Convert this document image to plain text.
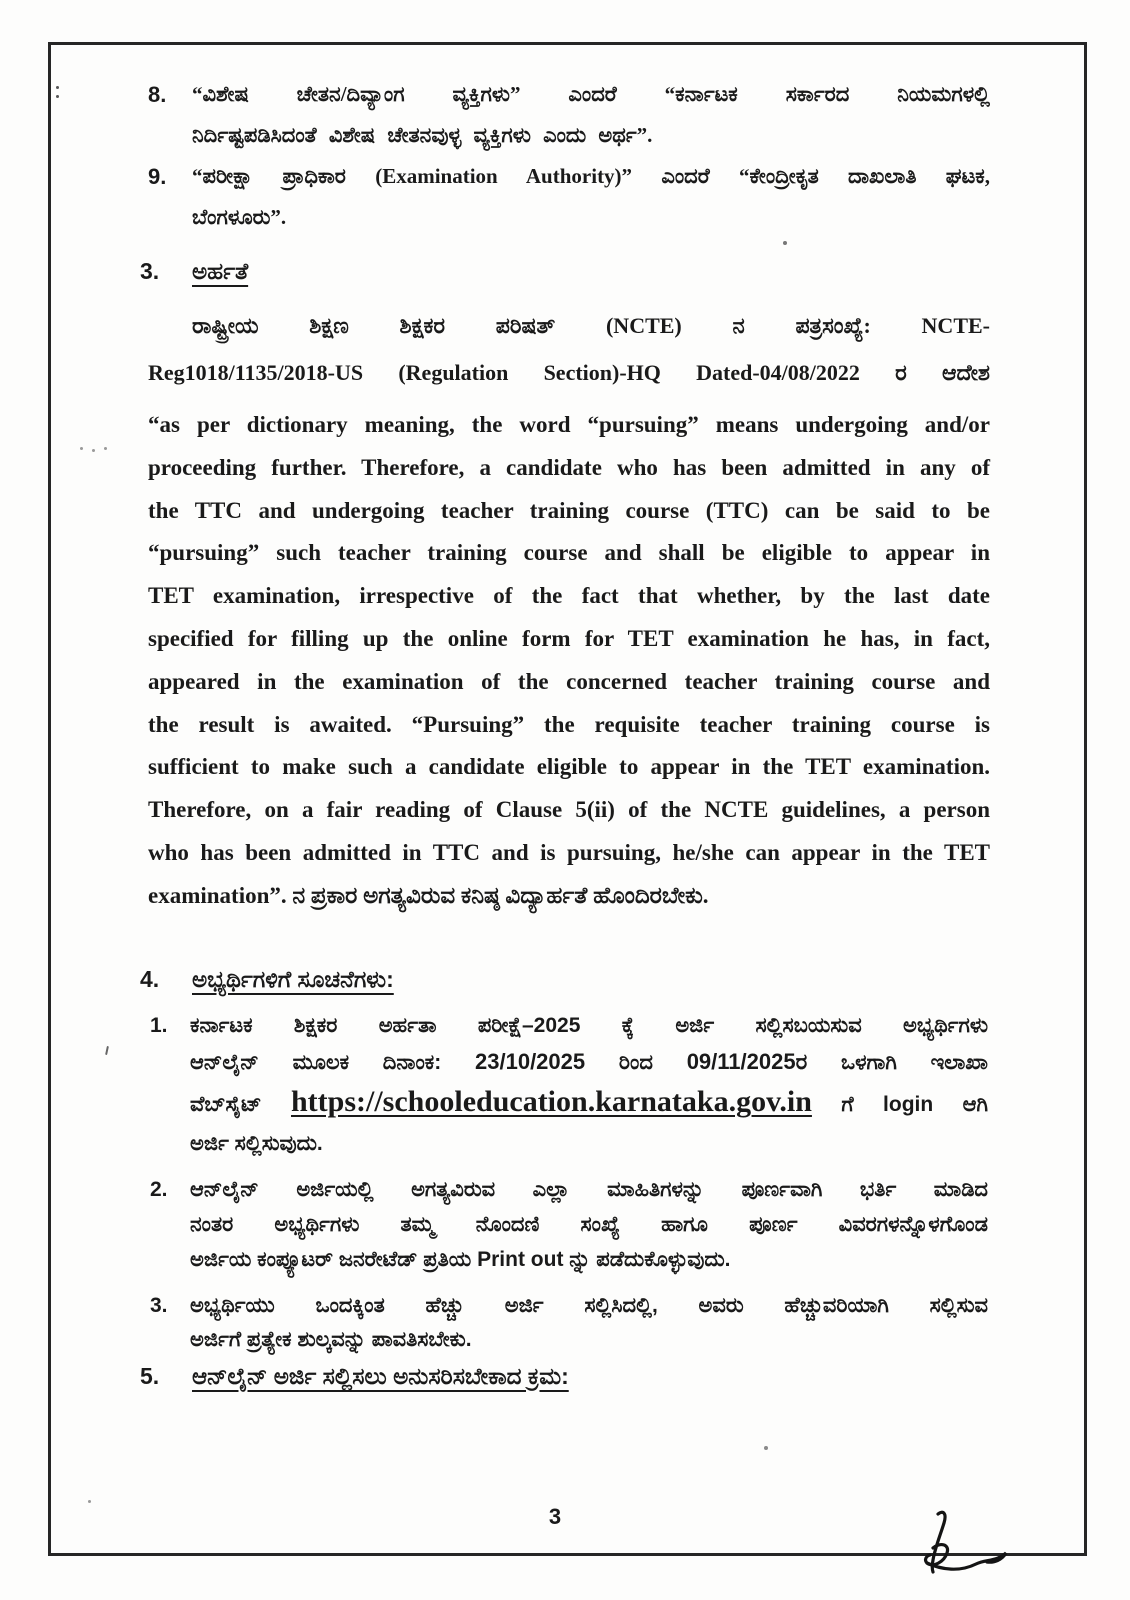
8.	“ವಿಶೇಷ ಚೇತನ/ದಿವ್ಯಾಂಗ ವ್ಯಕ್ತಿಗಳು” ಎಂದರೆ “ಕರ್ನಾಟಕ ಸರ್ಕಾರದ ನಿಯಮಗಳಲ್ಲಿ
ನಿರ್ದಿಷ್ಟಪಡಿಸಿದಂತೆ ವಿಶೇಷ ಚೇತನವುಳ್ಳ ವ್ಯಕ್ತಿಗಳು ಎಂದು ಅರ್ಥ”.
9.	“ಪರೀಕ್ಷಾ ಪ್ರಾಧಿಕಾರ (Examination Authority)” ಎಂದರೆ “ಕೇಂದ್ರೀಕೃತ ದಾಖಲಾತಿ ಘಟಕ,
ಬೆಂಗಳೂರು”.
3.	ಅರ್ಹತೆ
ರಾಷ್ಟ್ರೀಯ ಶಿಕ್ಷಣ ಶಿಕ್ಷಕರ ಪರಿಷತ್ (NCTE) ನ ಪತ್ರಸಂಖ್ಯೆ: NCTE-
Reg1018/1135/2018-US (Regulation Section)-HQ Dated-04/08/2022 ರ ಆದೇಶ
“as per dictionary meaning, the word “pursuing” means undergoing and/or
proceeding further. Therefore, a candidate who has been admitted in any of
the TTC and undergoing teacher training course (TTC) can be said to be
“pursuing” such teacher training course and shall be eligible to appear in
TET examination, irrespective of the fact that whether, by the last date
specified for filling up the online form for TET examination he has, in fact,
appeared in the examination of the concerned teacher training course and
the result is awaited. “Pursuing” the requisite teacher training course is
sufficient to make such a candidate eligible to appear in the TET examination.
Therefore, on a fair reading of Clause 5(ii) of the NCTE guidelines, a person
who has been admitted in TTC and is pursuing, he/she can appear in the TET
examination”. ನ ಪ್ರಕಾರ ಅಗತ್ಯವಿರುವ ಕನಿಷ್ಠ ವಿದ್ಯಾರ್ಹತೆ ಹೊಂದಿರಬೇಕು.
4.	ಅಭ್ಯರ್ಥಿಗಳಿಗೆ ಸೂಚನೆಗಳು:
1.	ಕರ್ನಾಟಕ ಶಿಕ್ಷಕರ ಅರ್ಹತಾ ಪರೀಕ್ಷೆ–2025 ಕ್ಕೆ ಅರ್ಜಿ ಸಲ್ಲಿಸಬಯಸುವ ಅಭ್ಯರ್ಥಿಗಳು
ಆನ್‌ಲೈನ್ ಮೂಲಕ ದಿನಾಂಕ: 23/10/2025 ರಿಂದ 09/11/2025ರ ಒಳಗಾಗಿ ಇಲಾಖಾ
ವೆಬ್‌ಸೈಟ್ https://schooleducation.karnataka.gov.in ಗೆ login ಆಗಿ
ಅರ್ಜಿ ಸಲ್ಲಿಸುವುದು.
2.	ಆನ್‌ಲೈನ್ ಅರ್ಜಿಯಲ್ಲಿ ಅಗತ್ಯವಿರುವ ಎಲ್ಲಾ ಮಾಹಿತಿಗಳನ್ನು ಪೂರ್ಣವಾಗಿ ಭರ್ತಿ ಮಾಡಿದ
ನಂತರ ಅಭ್ಯರ್ಥಿಗಳು ತಮ್ಮ ನೊಂದಣಿ ಸಂಖ್ಯೆ ಹಾಗೂ ಪೂರ್ಣ ವಿವರಗಳನ್ನೊಳಗೊಂಡ
ಅರ್ಜಿಯ ಕಂಪ್ಯೂಟರ್ ಜನರೇಟೆಡ್ ಪ್ರತಿಯ Print out ನ್ನು ಪಡೆದುಕೊಳ್ಳುವುದು.
3.	ಅಭ್ಯರ್ಥಿಯು ಒಂದಕ್ಕಿಂತ ಹೆಚ್ಚು ಅರ್ಜಿ ಸಲ್ಲಿಸಿದಲ್ಲಿ, ಅವರು ಹೆಚ್ಚುವರಿಯಾಗಿ ಸಲ್ಲಿಸುವ
ಅರ್ಜಿಗೆ ಪ್ರತ್ಯೇಕ ಶುಲ್ಕವನ್ನು ಪಾವತಿಸಬೇಕು.
5.	ಆನ್‌ಲೈನ್ ಅರ್ಜಿ ಸಲ್ಲಿಸಲು ಅನುಸರಿಸಬೇಕಾದ ಕ್ರಮ:
3
